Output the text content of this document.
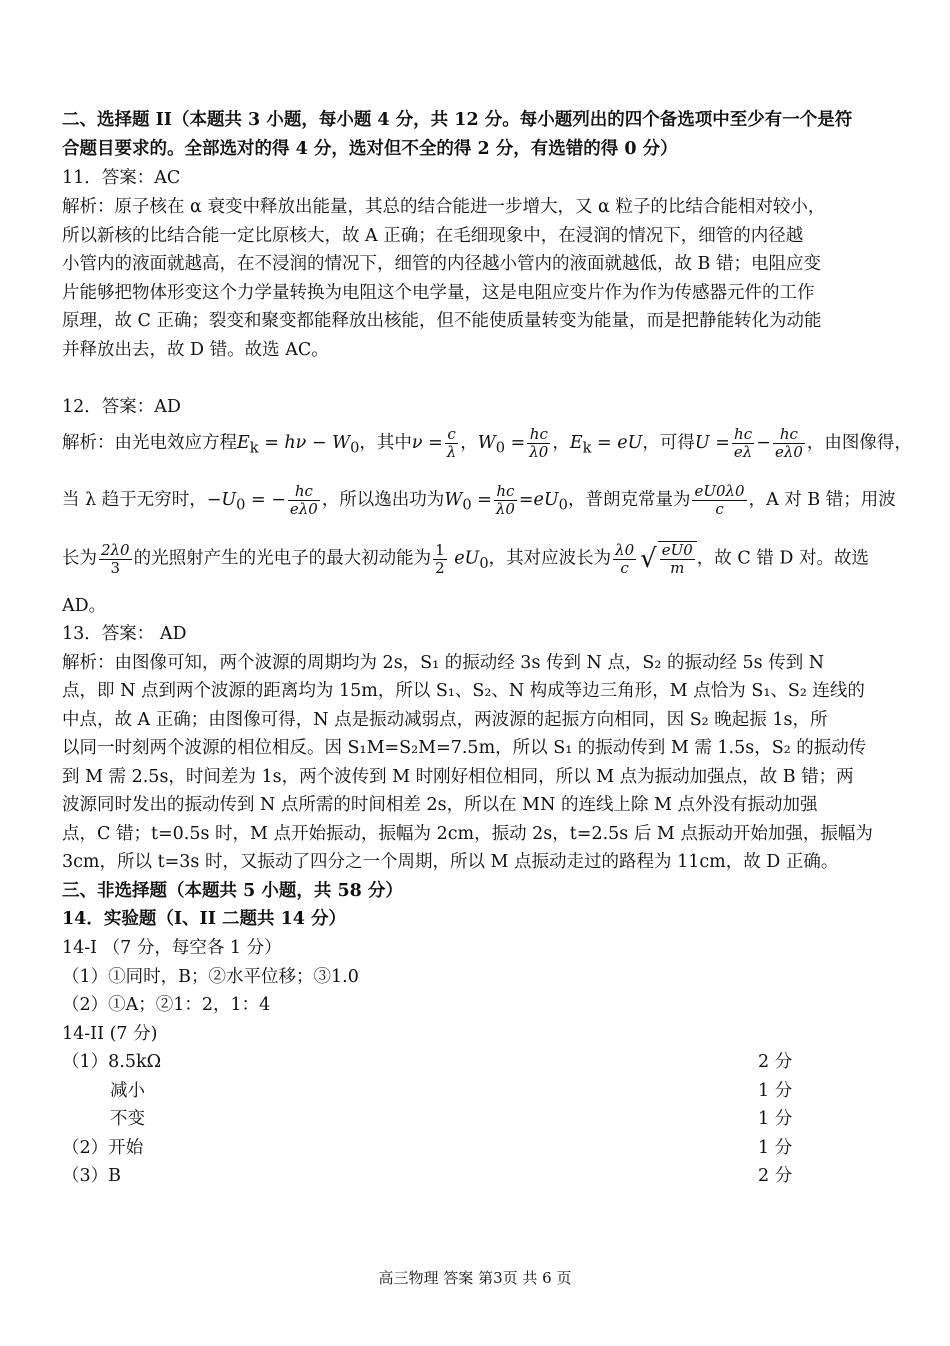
二、选择题 II（本题共 3 小题，每小题 4 分，共 12 分。每小题列出的四个备选项中至少有一个是符
合题目要求的。全部选对的得 4 分，选对但不全的得 2 分，有选错的得 0 分）
11．答案：AC
解析：原子核在 α 衰变中释放出能量，其总的结合能进一步增大，又 α 粒子的比结合能相对较小，
所以新核的比结合能一定比原核大，故 A 正确；在毛细现象中，在浸润的情况下，细管的内径越
小管内的液面就越高，在不浸润的情况下，细管的内径越小管内的液面就越低，故 B 错；电阻应变
片能够把物体形变这个力学量转换为电阻这个电学量，这是电阻应变片作为作为传感器元件的工作
原理，故 C 正确；裂变和聚变都能释放出核能，但不能使质量转变为能量，而是把静能转化为动能
并释放出去，故 D 错。故选 AC。
12．答案：AD
解析：由光电效应方程$E_k = h\nu - W_0$，其中$\nu = \frac{c}{\lambda}$ ，$W_0 = \frac{hc}{\lambda 0}$ ，$E_k$ = eU，可得$U = \frac{hc}{e\lambda} - \frac{hc}{e\lambda 0}$ ，由图像得，
当 λ 趋于无穷时，$-U_0$ = − $\frac{hc}{e\lambda 0}$ ，所以逸出功为$W_0 = \frac{hc}{\lambda 0} =eU_0$，普朗克常量为 $\frac{eU0\lambda 0}{c}$ ，A 对 B 错；用波
长为 $\frac{2\lambda 0}{3}$ 的光照射产生的光电子的最大初动能为 $\frac{1}{2} eU_0$，其对应波长为 $\frac{\lambda 0}{c}$ √ $\frac{eU0}{m}$ ，故 C 错 D 对。故选
AD。
13．答案： AD
解析：由图像可知，两个波源的周期均为 2s，S₁ 的振动经 3s 传到 N 点，S₂ 的振动经 5s 传到 N
点，即 N 点到两个波源的距离均为 15m，所以 S₁、S₂、N 构成等边三角形，M 点恰为 S₁、S₂ 连线的
中点，故 A 正确；由图像可得，N 点是振动减弱点，两波源的起振方向相同，因 S₂ 晚起振 1s，所
以同一时刻两个波源的相位相反。因 S₁M=S₂M=7.5m，所以 S₁ 的振动传到 M 需 1.5s，S₂ 的振动传
到 M 需 2.5s，时间差为 1s，两个波传到 M 时刚好相位相同，所以 M 点为振动加强点，故 B 错；两
波源同时发出的振动传到 N 点所需的时间相差 2s，所以在 MN 的连线上除 M 点外没有振动加强
点，C 错；t=0.5s 时，M 点开始振动，振幅为 2cm，振动 2s，t=2.5s 后 M 点振动开始加强，振幅为
3cm，所以 t=3s 时，又振动了四分之一个周期，所以 M 点振动走过的路程为 11cm，故 D 正确。
三、非选择题（本题共 5 小题，共 58 分）
14．实验题（I、II 二题共 14 分）
14-I （7 分，每空各 1 分）
（1）①同时，B；②水平位移；③1.0
（2）①A；②1：2，1：4
14-II (7 分)
（1）8.5kΩ	2 分
减小	1 分
不变	1 分
（2）开始	1 分
（3）B	2 分
高三物理 答案 第3页 共 6 页
